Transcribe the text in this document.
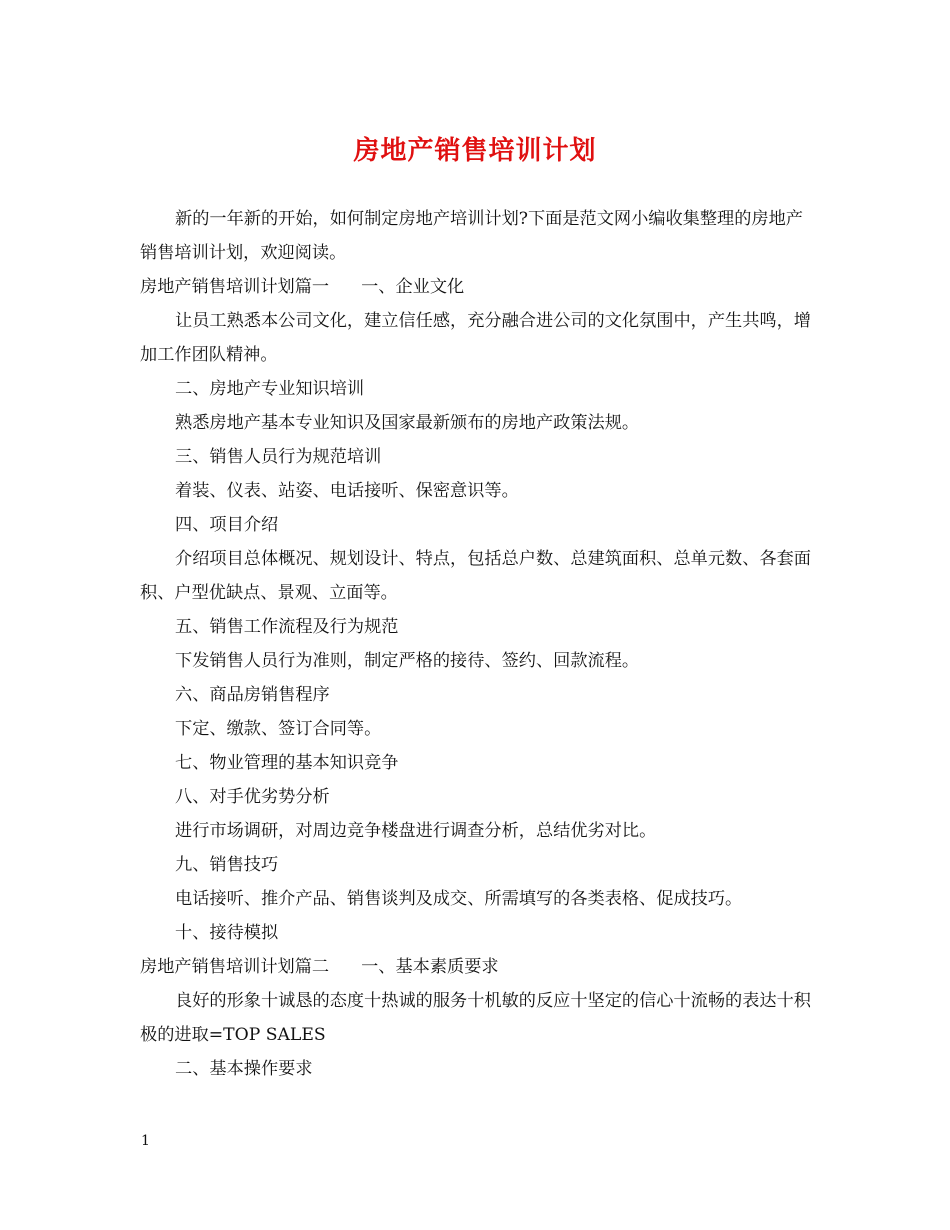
房地产销售培训计划

新的一年新的开始，如何制定房地产培训计划?下面是范文网小编收集整理的房地产销售培训计划，欢迎阅读。

房地产销售培训计划篇一 一、企业文化

让员工熟悉本公司文化，建立信任感，充分融合进公司的文化氛围中，产生共鸣，增加工作团队精神。

二、房地产专业知识培训

熟悉房地产基本专业知识及国家最新颁布的房地产政策法规。

三、销售人员行为规范培训

着装、仪表、站姿、电话接听、保密意识等。

四、项目介绍

介绍项目总体概况、规划设计、特点，包括总户数、总建筑面积、总单元数、各套面积、户型优缺点、景观、立面等。

五、销售工作流程及行为规范

下发销售人员行为准则，制定严格的接待、签约、回款流程。

六、商品房销售程序

下定、缴款、签订合同等。

七、物业管理的基本知识竞争

八、对手优劣势分析

进行市场调研，对周边竞争楼盘进行调查分析，总结优劣对比。

九、销售技巧

电话接听、推介产品、销售谈判及成交、所需填写的各类表格、促成技巧。

十、接待模拟

房地产销售培训计划篇二 一、基本素质要求

良好的形象十诚恳的态度十热诚的服务十机敏的反应十坚定的信心十流畅的表达十积极的进取=TOP SALES

二、基本操作要求

1
